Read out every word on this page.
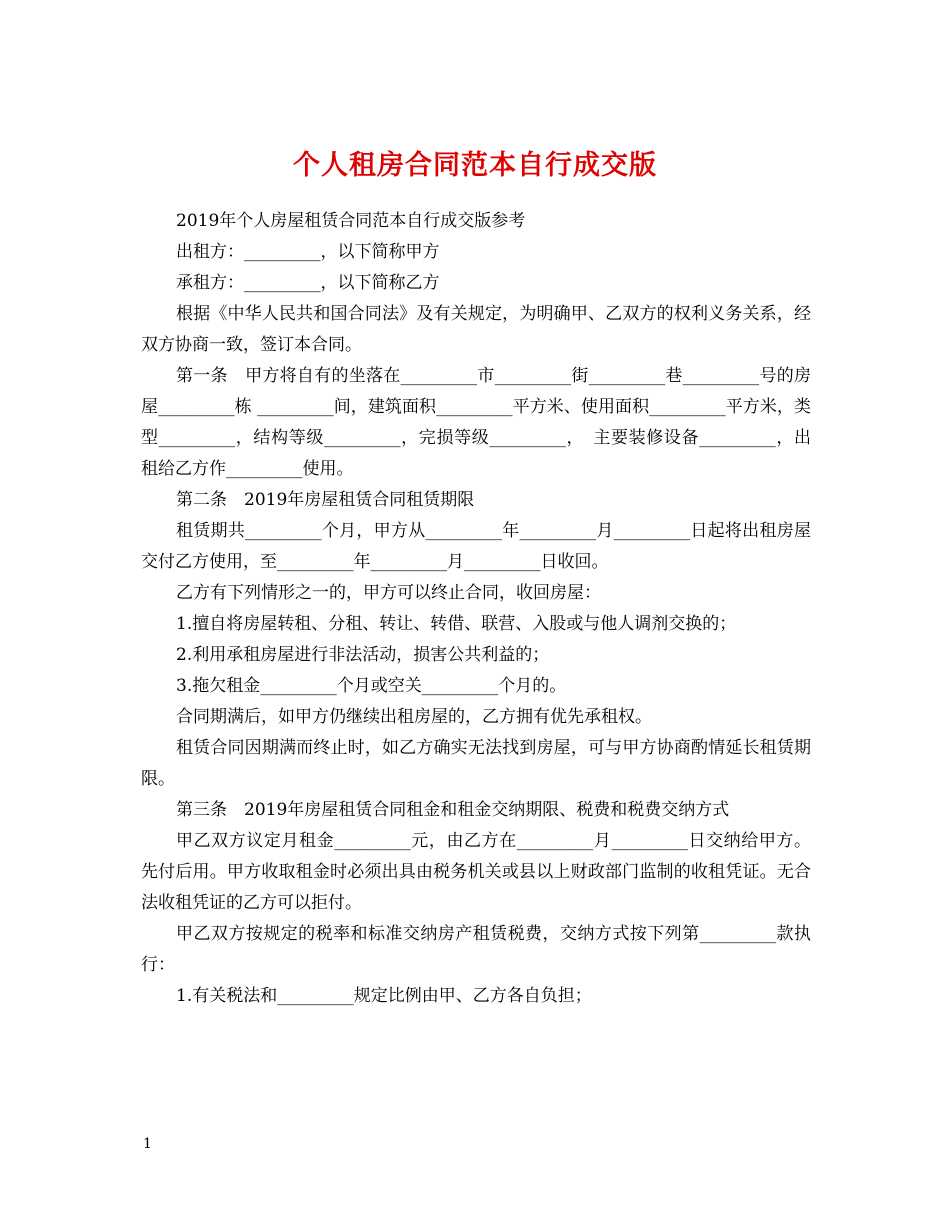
个人租房合同范本自行成交版

2019年个人房屋租赁合同范本自行成交版参考

出租方：_________，以下简称甲方

承租方：_________，以下简称乙方

根据《中华人民共和国合同法》及有关规定，为明确甲、乙双方的权利义务关系，经双方协商一致，签订本合同。

第一条　甲方将自有的坐落在_________市_________街_________巷_________号的房屋_________栋 _________间，建筑面积_________平方米、使用面积_________平方米，类型_________，结构等级_________，完损等级_________，　主要装修设备_________，出租给乙方作_________使用。

第二条　2019年房屋租赁合同租赁期限

租赁期共_________个月，甲方从_________年_________月_________日起将出租房屋交付乙方使用，至_________年_________月_________日收回。

乙方有下列情形之一的，甲方可以终止合同，收回房屋：

1.擅自将房屋转租、分租、转让、转借、联营、入股或与他人调剂交换的；

2.利用承租房屋进行非法活动，损害公共利益的；

3.拖欠租金_________个月或空关_________个月的。

合同期满后，如甲方仍继续出租房屋的，乙方拥有优先承租权。

租赁合同因期满而终止时，如乙方确实无法找到房屋，可与甲方协商酌情延长租赁期限。

第三条　2019年房屋租赁合同租金和租金交纳期限、税费和税费交纳方式

甲乙双方议定月租金_________元，由乙方在_________月_________日交纳给甲方。先付后用。甲方收取租金时必须出具由税务机关或县以上财政部门监制的收租凭证。无合法收租凭证的乙方可以拒付。

甲乙双方按规定的税率和标准交纳房产租赁税费，交纳方式按下列第_________款执行：

1.有关税法和_________规定比例由甲、乙方各自负担；

1
